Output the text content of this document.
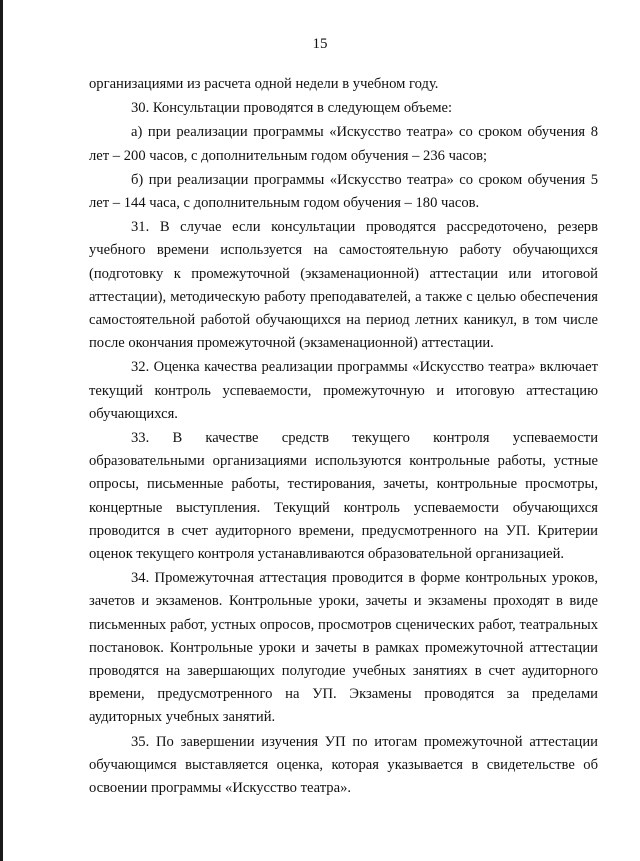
15

организациями из расчета одной недели в учебном году.

30. Консультации проводятся в следующем объеме:

а) при реализации программы «Искусство театра» со сроком обучения 8 лет – 200 часов, с дополнительным годом обучения – 236 часов;

б) при реализации программы «Искусство театра» со сроком обучения 5 лет – 144 часа, с дополнительным годом обучения – 180 часов.

31. В случае если консультации проводятся рассредоточено, резерв учебного времени используется на самостоятельную работу обучающихся (подготовку к промежуточной (экзаменационной) аттестации или итоговой аттестации), методическую работу преподавателей, а также с целью обеспечения самостоятельной работой обучающихся на период летних каникул, в том числе после окончания промежуточной (экзаменационной) аттестации.

32. Оценка качества реализации программы «Искусство театра» включает текущий контроль успеваемости, промежуточную и итоговую аттестацию обучающихся.

33. В качестве средств текущего контроля успеваемости образовательными организациями используются контрольные работы, устные опросы, письменные работы, тестирования, зачеты, контрольные просмотры, концертные выступления. Текущий контроль успеваемости обучающихся проводится в счет аудиторного времени, предусмотренного на УП. Критерии оценок текущего контроля устанавливаются образовательной организацией.

34. Промежуточная аттестация проводится в форме контрольных уроков, зачетов и экзаменов. Контрольные уроки, зачеты и экзамены проходят в виде письменных работ, устных опросов, просмотров сценических работ, театральных постановок. Контрольные уроки и зачеты в рамках промежуточной аттестации проводятся на завершающих полугодие учебных занятиях в счет аудиторного времени, предусмотренного на УП. Экзамены проводятся за пределами аудиторных учебных занятий.

35. По завершении изучения УП по итогам промежуточной аттестации обучающимся выставляется оценка, которая указывается в свидетельстве об освоении программы «Искусство театра».
